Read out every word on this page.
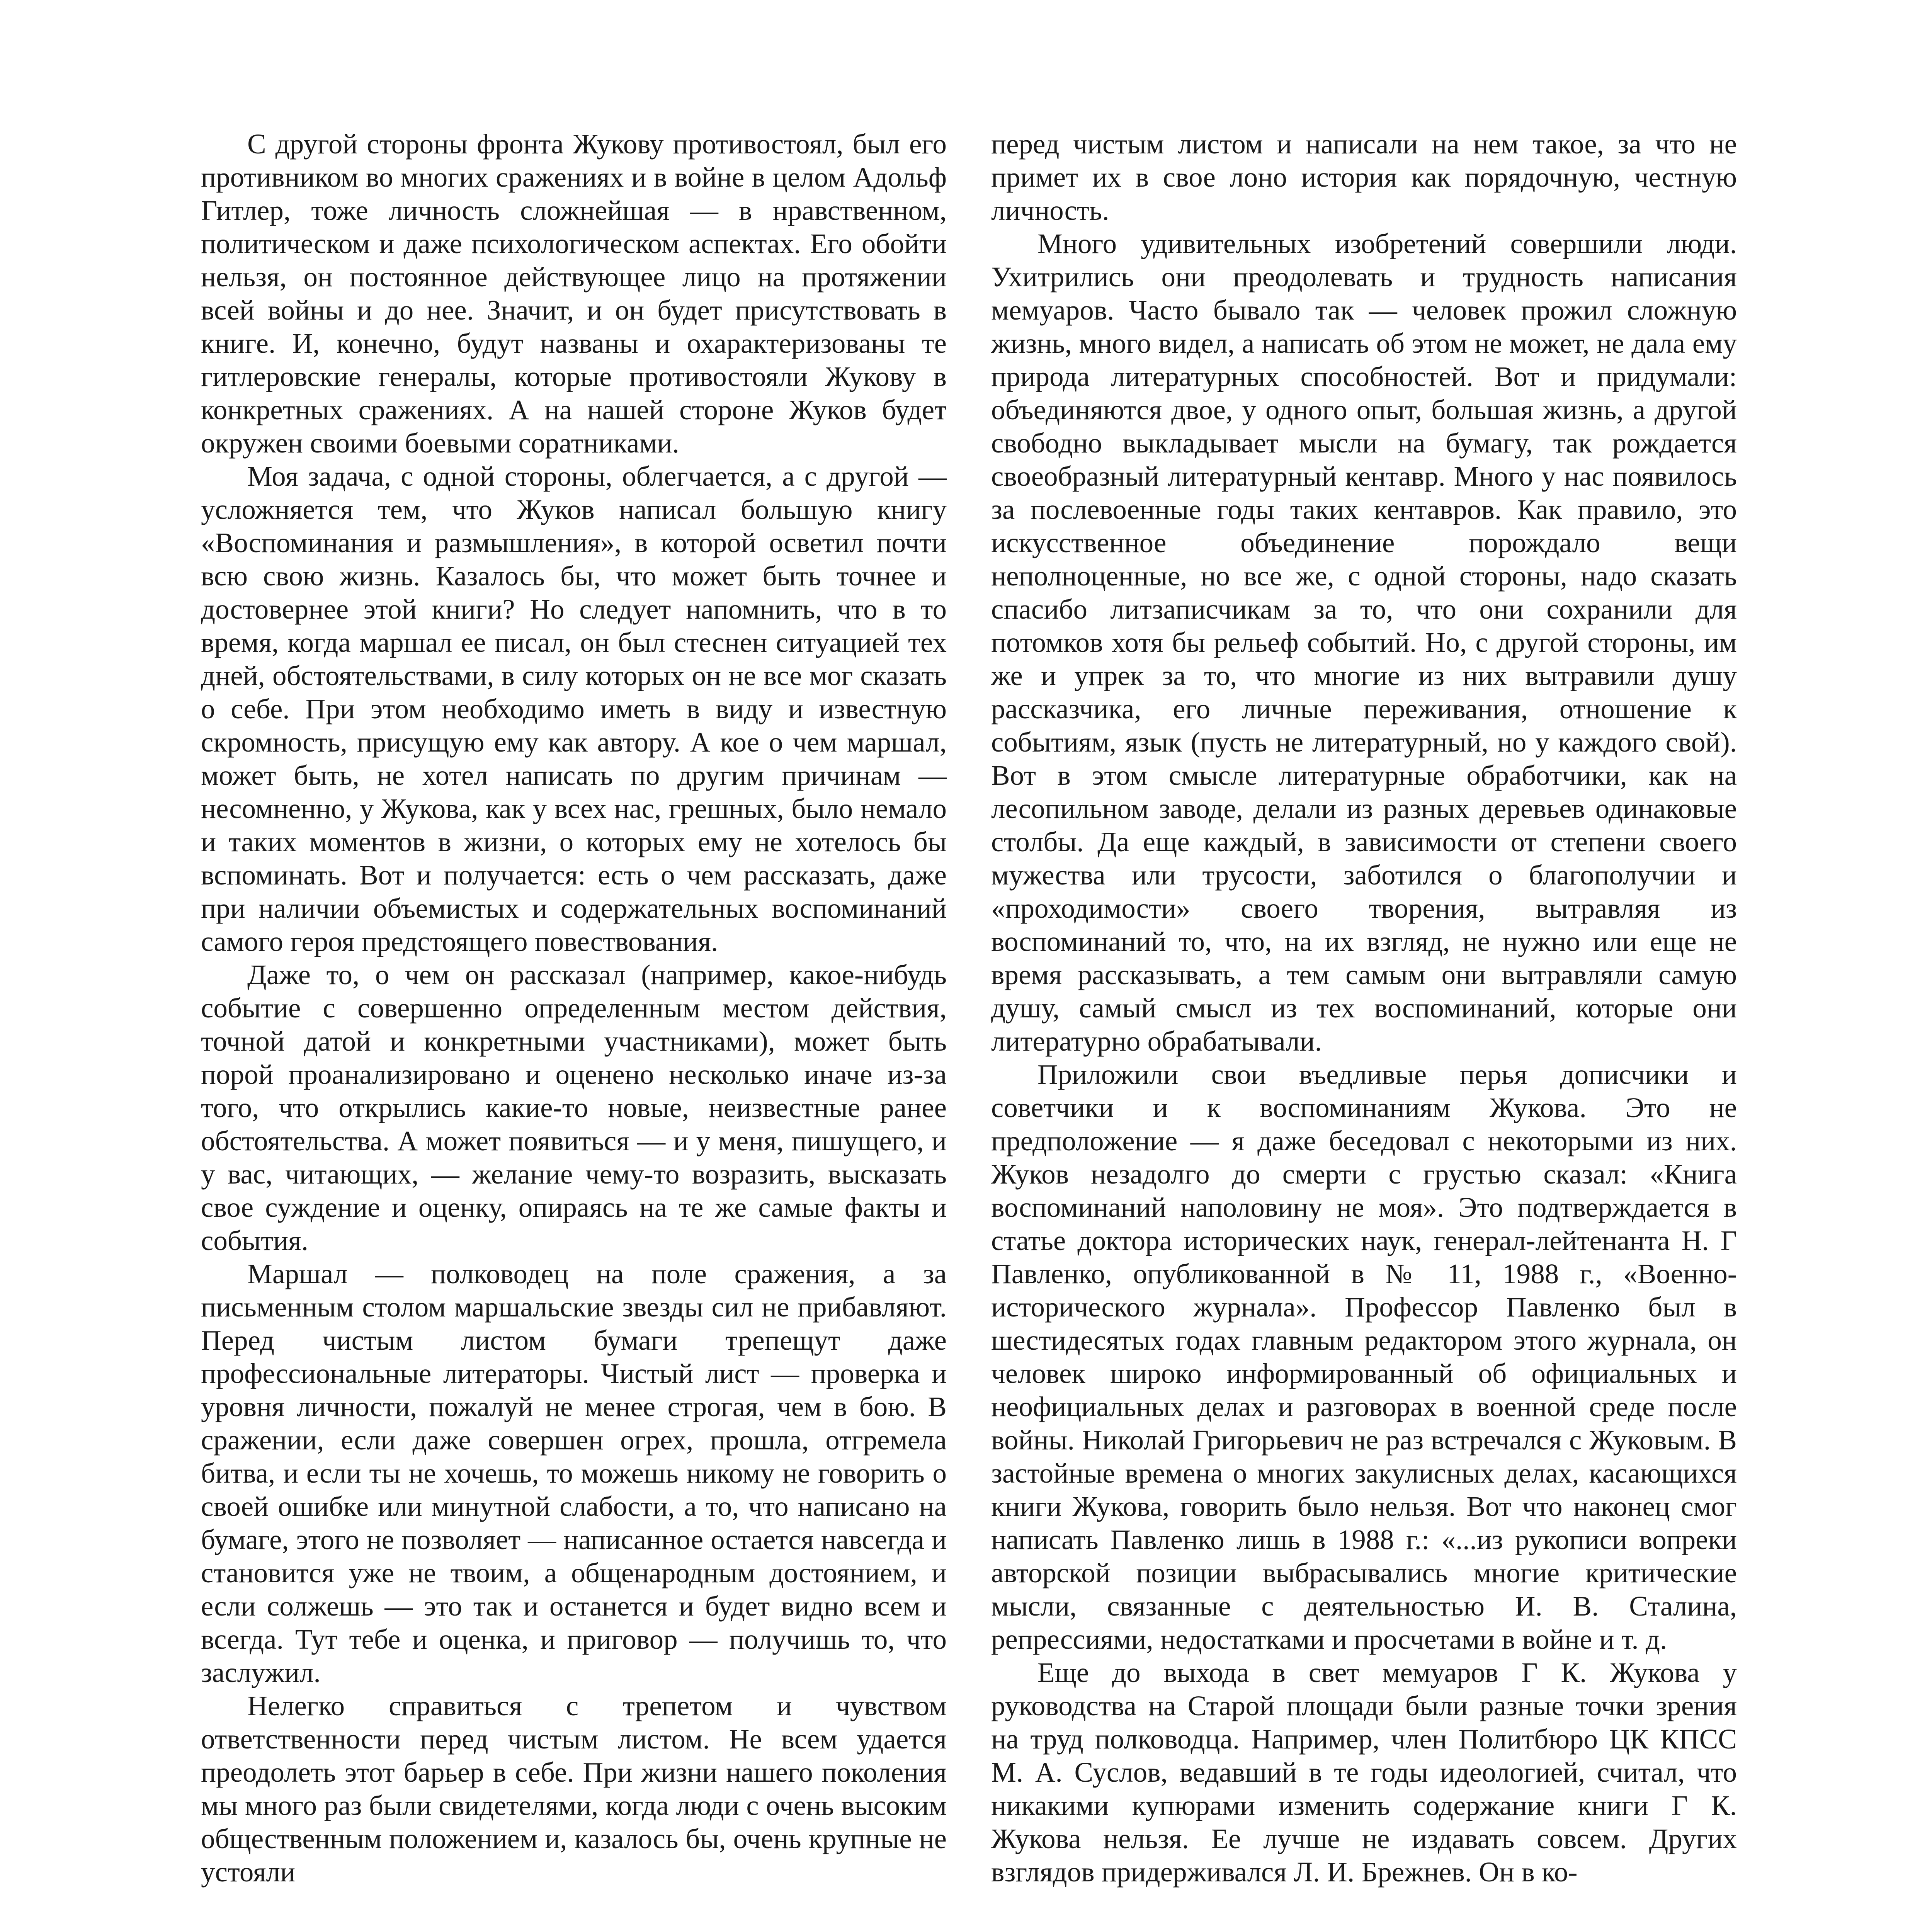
С другой стороны фронта Жукову противостоял, был его противником во многих сражениях и в войне в целом Адольф Гитлер, тоже личность сложнейшая — в нравственном, политическом и даже психологическом аспектах. Его обойти нельзя, он постоянное действующее лицо на протяжении всей войны и до нее. Значит, и он будет присутствовать в книге. И, конечно, будут названы и охарактеризованы те гитлеровские генералы, которые противостояли Жукову в конкретных сражениях. А на нашей стороне Жуков будет окружен своими боевыми соратниками.

Моя задача, с одной стороны, облегчается, а с другой — усложняется тем, что Жуков написал большую книгу «Воспоминания и размышления», в которой осветил почти всю свою жизнь. Казалось бы, что может быть точнее и достовернее этой книги? Но следует напомнить, что в то время, когда маршал ее писал, он был стеснен ситуацией тех дней, обстоятельствами, в силу которых он не все мог сказать о себе. При этом необходимо иметь в виду и известную скромность, присущую ему как автору. А кое о чем маршал, может быть, не хотел написать по другим причинам — несомненно, у Жукова, как у всех нас, грешных, было немало и таких моментов в жизни, о которых ему не хотелось бы вспоминать. Вот и получается: есть о чем рассказать, даже при наличии объемистых и содержательных воспоминаний самого героя предстоящего повествования.

Даже то, о чем он рассказал (например, какое-нибудь событие с совершенно определенным местом действия, точной датой и конкретными участниками), может быть порой проанализировано и оценено несколько иначе из-за того, что открылись какие-то новые, неизвестные ранее обстоятельства. А может появиться — и у меня, пишущего, и у вас, читающих, — желание чему-то возразить, высказать свое суждение и оценку, опираясь на те же самые факты и события.

Маршал — полководец на поле сражения, а за письменным столом маршальские звезды сил не прибавляют. Перед чистым листом бумаги трепещут даже профессиональные литераторы. Чистый лист — проверка и уровня личности, пожалуй не менее строгая, чем в бою. В сражении, если даже совершен огрех, прошла, отгремела битва, и если ты не хочешь, то можешь никому не говорить о своей ошибке или минутной слабости, а то, что написано на бумаге, этого не позволяет — написанное остается навсегда и становится уже не твоим, а общенародным достоянием, и если солжешь — это так и останется и будет видно всем и всегда. Тут тебе и оценка, и приговор — получишь то, что заслужил.

Нелегко справиться с трепетом и чувством ответственности перед чистым листом. Не всем удается преодолеть этот барьер в себе. При жизни нашего поколения мы много раз были свидетелями, когда люди с очень высоким общественным положением и, казалось бы, очень крупные не устояли

перед чистым листом и написали на нем такое, за что не примет их в свое лоно история как порядочную, честную личность.

Много удивительных изобретений совершили люди. Ухитрились они преодолевать и трудность написания мемуаров. Часто бывало так — человек прожил сложную жизнь, много видел, а написать об этом не может, не дала ему природа литературных способностей. Вот и придумали: объединяются двое, у одного опыт, большая жизнь, а другой свободно выкладывает мысли на бумагу, так рождается своеобразный литературный кентавр. Много у нас появилось за послевоенные годы таких кентавров. Как правило, это искусственное объединение порождало вещи неполноценные, но все же, с одной стороны, надо сказать спасибо литзаписчикам за то, что они сохранили для потомков хотя бы рельеф событий. Но, с другой стороны, им же и упрек за то, что многие из них вытравили душу рассказчика, его личные переживания, отношение к событиям, язык (пусть не литературный, но у каждого свой). Вот в этом смысле литературные обработчики, как на лесопильном заводе, делали из разных деревьев одинаковые столбы. Да еще каждый, в зависимости от степени своего мужества или трусости, заботился о благополучии и «проходимости» своего творения, вытравляя из воспоминаний то, что, на их взгляд, не нужно или еще не время рассказывать, а тем самым они вытравляли самую душу, самый смысл из тех воспоминаний, которые они литературно обрабатывали.

Приложили свои въедливые перья дописчики и советчики и к воспоминаниям Жукова. Это не предположение — я даже беседовал с некоторыми из них. Жуков незадолго до смерти с грустью сказал: «Книга воспоминаний наполовину не моя». Это подтверждается в статье доктора исторических наук, генерал-лейтенанта Н. Г Павленко, опубликованной в № 11, 1988 г., «Военно-исторического журнала». Профессор Павленко был в шестидесятых годах главным редактором этого журнала, он человек широко информированный об официальных и неофициальных делах и разговорах в военной среде после войны. Николай Григорьевич не раз встречался с Жуковым. В застойные времена о многих закулисных делах, касающихся книги Жукова, говорить было нельзя. Вот что наконец смог написать Павленко лишь в 1988 г.: «...из рукописи вопреки авторской позиции выбрасывались многие критические мысли, связанные с деятельностью И. В. Сталина, репрессиями, недостатками и просчетами в войне и т. д.

Еще до выхода в свет мемуаров Г К. Жукова у руководства на Старой площади были разные точки зрения на труд полководца. Например, член Политбюро ЦК КПСС М. А. Суслов, ведавший в те годы идеологией, считал, что никакими купюрами изменить содержание книги Г К. Жукова нельзя. Ее лучше не издавать совсем. Других взглядов придерживался Л. И. Брежнев. Он в ко-
